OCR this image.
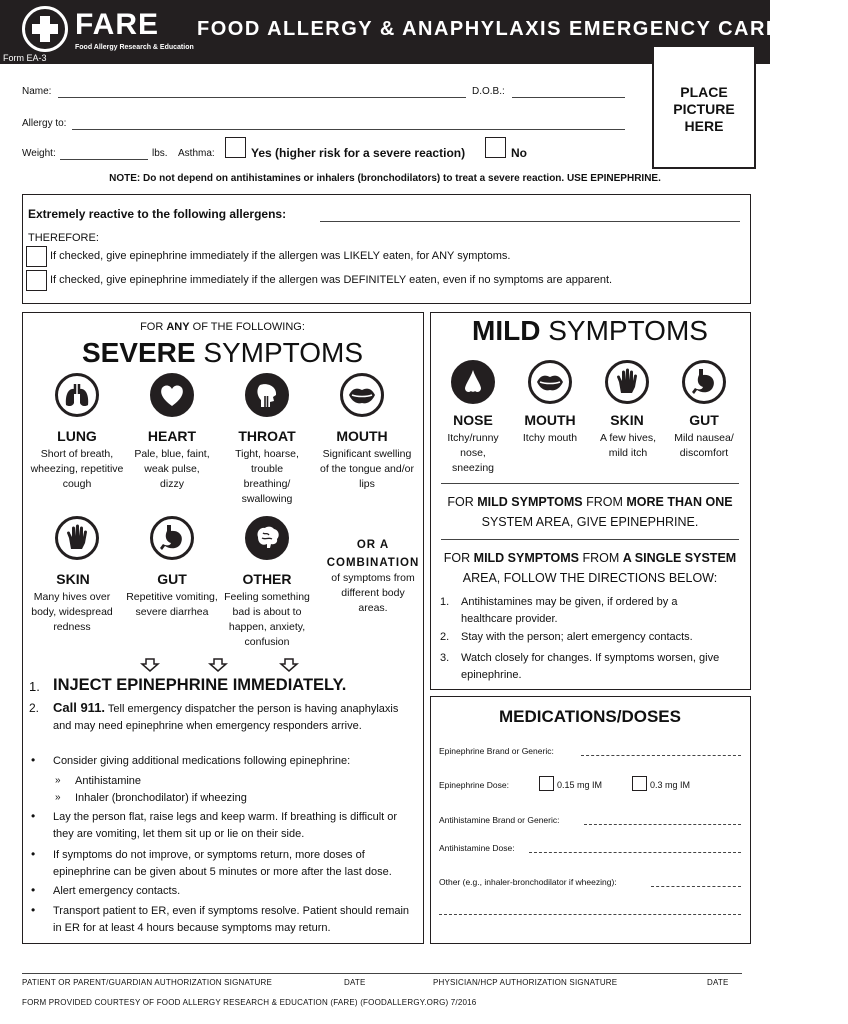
FARE
Food Allergy Research & Education
Form EA-3
FOOD ALLERGY & ANAPHYLAXIS EMERGENCY CARE PLAN
PLACE
PICTURE
HERE
Name:	D.O.B.:
Allergy to:
Weight:	lbs. Asthma:	Yes (higher risk for a severe reaction)	No
NOTE: Do not depend on antihistamines or inhalers (bronchodilators) to treat a severe reaction. USE EPINEPHRINE.
Extremely reactive to the following allergens:
THEREFORE:
If checked, give epinephrine immediately if the allergen was LIKELY eaten, for ANY symptoms.
If checked, give epinephrine immediately if the allergen was DEFINITELY eaten, even if no symptoms are apparent.
FOR ANY OF THE FOLLOWING:
SEVERE SYMPTOMS
LUNG
Short of breath, wheezing, repetitive cough
HEART
Pale, blue, faint, weak pulse, dizzy
THROAT
Tight, hoarse, trouble breathing/ swallowing
MOUTH
Significant swelling of the tongue and/or lips
SKIN
Many hives over body, widespread redness
GUT
Repetitive vomiting, severe diarrhea
OTHER
Feeling something bad is about to happen, anxiety, confusion
OR A COMBINATION
of symptoms from different body areas.
1. INJECT EPINEPHRINE IMMEDIATELY.
2. Call 911. Tell emergency dispatcher the person is having anaphylaxis and may need epinephrine when emergency responders arrive.
• Consider giving additional medications following epinephrine:
» Antihistamine
» Inhaler (bronchodilator) if wheezing
• Lay the person flat, raise legs and keep warm. If breathing is difficult or they are vomiting, let them sit up or lie on their side.
• If symptoms do not improve, or symptoms return, more doses of epinephrine can be given about 5 minutes or more after the last dose.
• Alert emergency contacts.
• Transport patient to ER, even if symptoms resolve. Patient should remain in ER for at least 4 hours because symptoms may return.
MILD SYMPTOMS
NOSE
Itchy/runny nose, sneezing
MOUTH
Itchy mouth
SKIN
A few hives, mild itch
GUT
Mild nausea/ discomfort
FOR MILD SYMPTOMS FROM MORE THAN ONE
SYSTEM AREA, GIVE EPINEPHRINE.
FOR MILD SYMPTOMS FROM A SINGLE SYSTEM
AREA, FOLLOW THE DIRECTIONS BELOW:
1. Antihistamines may be given, if ordered by a healthcare provider.
2. Stay with the person; alert emergency contacts.
3. Watch closely for changes. If symptoms worsen, give epinephrine.
MEDICATIONS/DOSES
Epinephrine Brand or Generic:
Epinephrine Dose:	0.15 mg IM	0.3 mg IM
Antihistamine Brand or Generic:
Antihistamine Dose:
Other (e.g., inhaler-bronchodilator if wheezing):
PATIENT OR PARENT/GUARDIAN AUTHORIZATION SIGNATURE	DATE	PHYSICIAN/HCP AUTHORIZATION SIGNATURE	DATE
FORM PROVIDED COURTESY OF FOOD ALLERGY RESEARCH & EDUCATION (FARE) (FOODALLERGY.ORG) 7/2016
